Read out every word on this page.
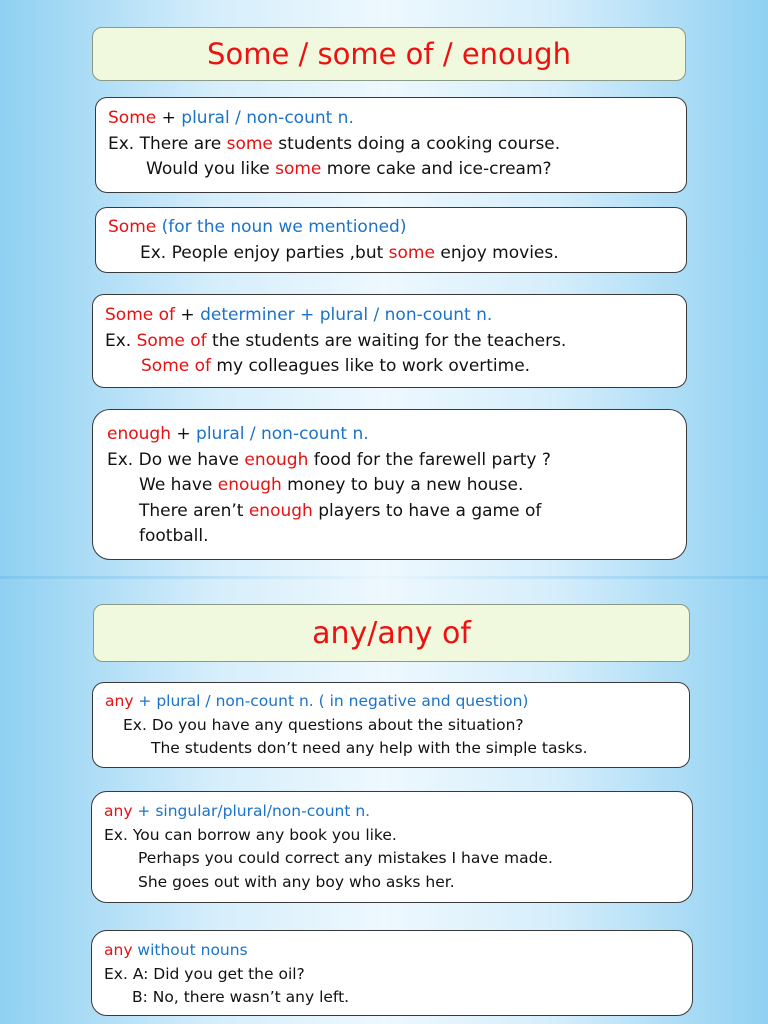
Some / some of / enough
Some + plural / non-count n.
Ex. There are some students doing a cooking course.
Would you like some more cake and ice-cream?
Some (for the noun we mentioned)
Ex. People enjoy parties ,but some enjoy movies.
Some of + determiner + plural / non-count n.
Ex. Some of the students are waiting for the teachers.
Some of my colleagues like to work overtime.
enough + plural / non-count n.
Ex. Do we have enough food for the farewell party ?
We have enough money to buy a new house.
There aren’t enough players to have a game of
football.
any/any of
any + plural / non-count n. ( in negative and question)
Ex. Do you have any questions about the situation?
The students don’t need any help with the simple tasks.
any + singular/plural/non-count n.
Ex. You can borrow any book you like.
Perhaps you could correct any mistakes I have made.
She goes out with any boy who asks her.
any without nouns
Ex. A: Did you get the oil?
B: No, there wasn’t any left.
